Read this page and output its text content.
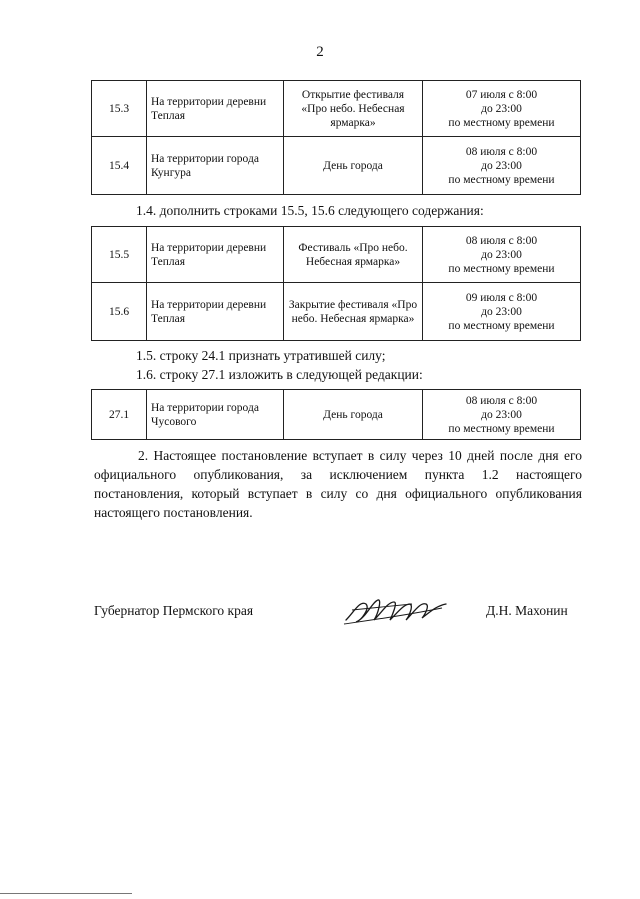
2
15.3	На территории деревни Теплая	Открытие фестиваля «Про небо. Небесная ярмарка»	07 июля с 8:00
до 23:00
по местному времени

15.4	На территории города Кунгура	День города	08 июля с 8:00
до 23:00
по местному времени
1.4. дополнить строками 15.5, 15.6 следующего содержания:
15.5	На территории деревни Теплая	Фестиваль «Про небо. Небесная ярмарка»	08 июля с 8:00
до 23:00
по местному времени

15.6	На территории деревни Теплая	Закрытие фестиваля «Про небо. Небесная ярмарка»	09 июля с 8:00
до 23:00
по местному времени
1.5. строку 24.1 признать утратившей силу;
1.6. строку 27.1 изложить в следующей редакции:
27.1	На территории города Чусового	День города	
08 июля с 8:00
до 23:00
по местному времени
2. Настоящее постановление вступает в силу через 10 дней после дня его официального опубликования, за исключением пункта 1.2 настоящего постановления, который вступает в силу со дня официального опубликования настоящего постановления.
Губернатор Пермского края	Д.Н. Махонин
